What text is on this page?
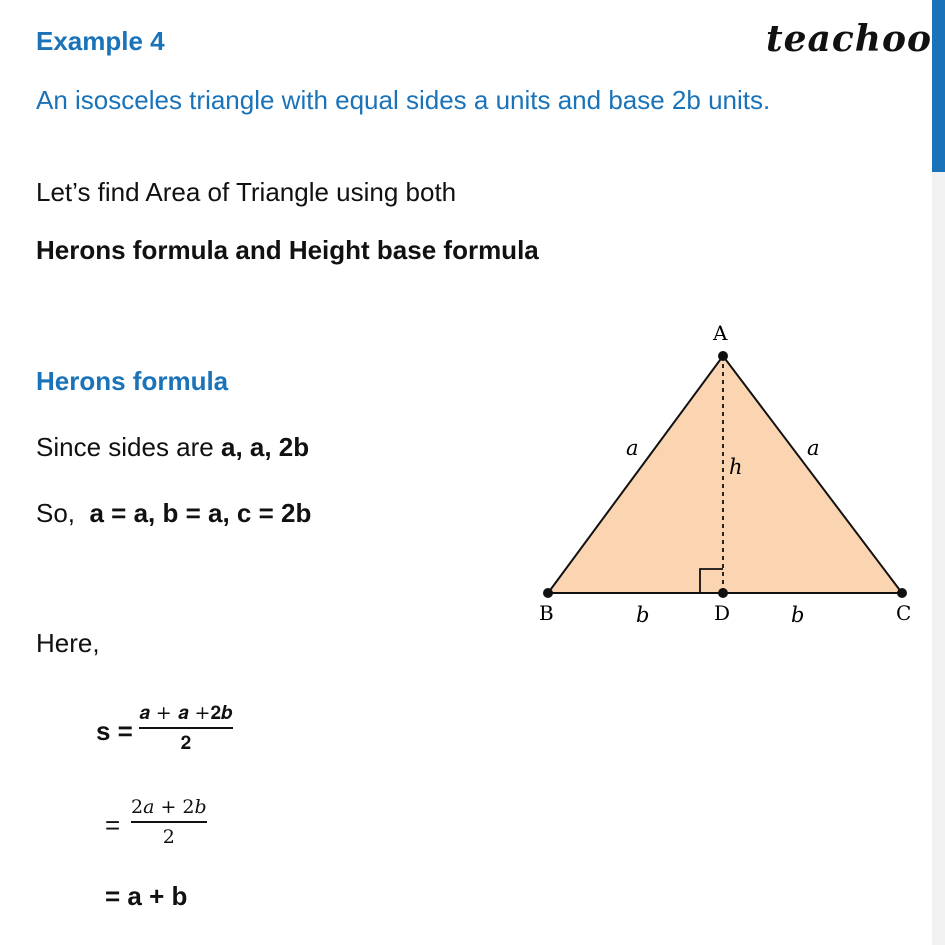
Example 4	teachoo
An isosceles triangle with equal sides a units and base 2b units.
Let’s find Area of Triangle using both
Herons formula and Height base formula
Herons formula
Since sides are a, a, 2b
So,  a = a, b = a, c = 2b
Here,
s =
𝒂 + 𝒂 +𝟐𝒃
𝟐
=
2𝑎 + 2𝑏
2
= a + b
A
B	C
D
a	a
h
b	b
